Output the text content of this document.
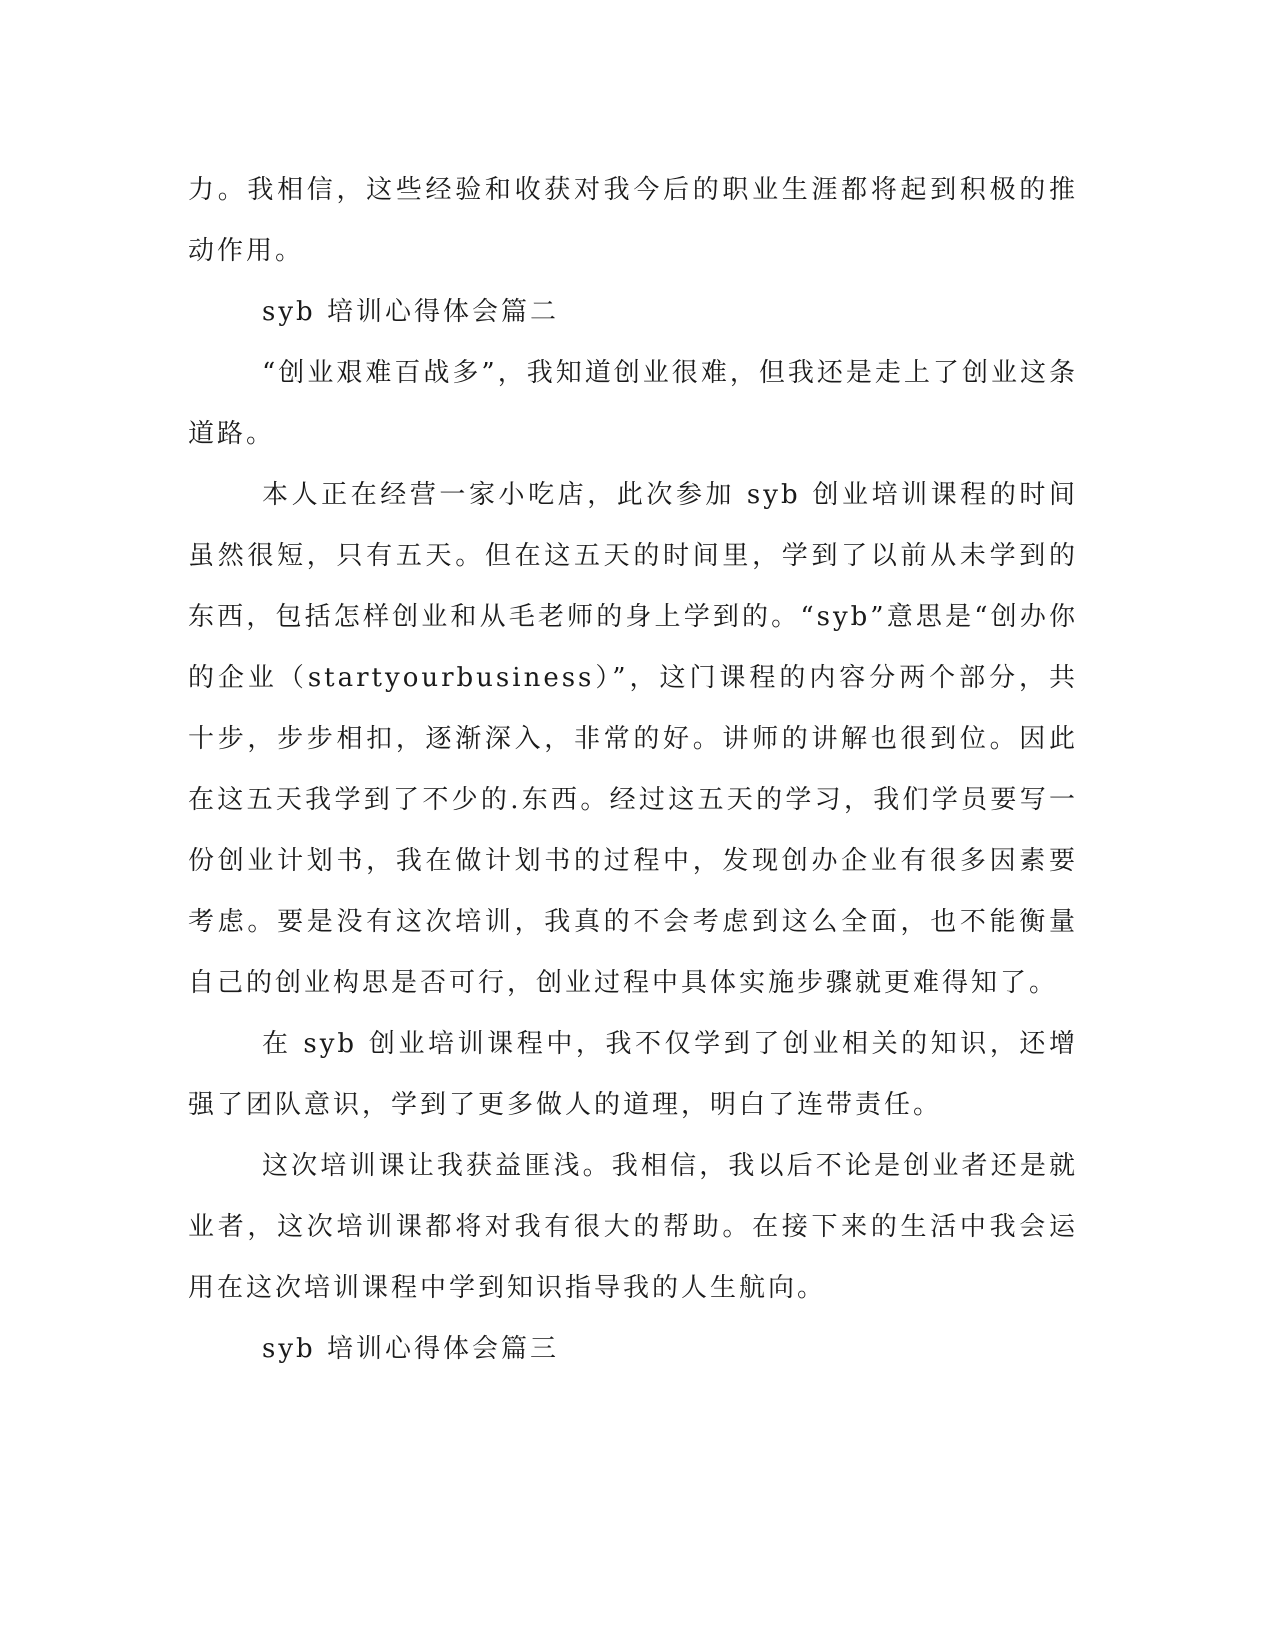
力。我相信，这些经验和收获对我今后的职业生涯都将起到积极的推动作用。

syb 培训心得体会篇二

“创业艰难百战多”，我知道创业很难，但我还是走上了创业这条道路。

本人正在经营一家小吃店，此次参加 syb 创业培训课程的时间虽然很短，只有五天。但在这五天的时间里，学到了以前从未学到的东西，包括怎样创业和从毛老师的身上学到的。“syb”意思是“创办你的企业（startyourbusiness）”，这门课程的内容分两个部分，共十步，步步相扣，逐渐深入，非常的好。讲师的讲解也很到位。因此在这五天我学到了不少的.东西。经过这五天的学习，我们学员要写一份创业计划书，我在做计划书的过程中，发现创办企业有很多因素要考虑。要是没有这次培训，我真的不会考虑到这么全面，也不能衡量自己的创业构思是否可行，创业过程中具体实施步骤就更难得知了。

在 syb 创业培训课程中，我不仅学到了创业相关的知识，还增强了团队意识，学到了更多做人的道理，明白了连带责任。

这次培训课让我获益匪浅。我相信，我以后不论是创业者还是就业者，这次培训课都将对我有很大的帮助。在接下来的生活中我会运用在这次培训课程中学到知识指导我的人生航向。

syb 培训心得体会篇三
